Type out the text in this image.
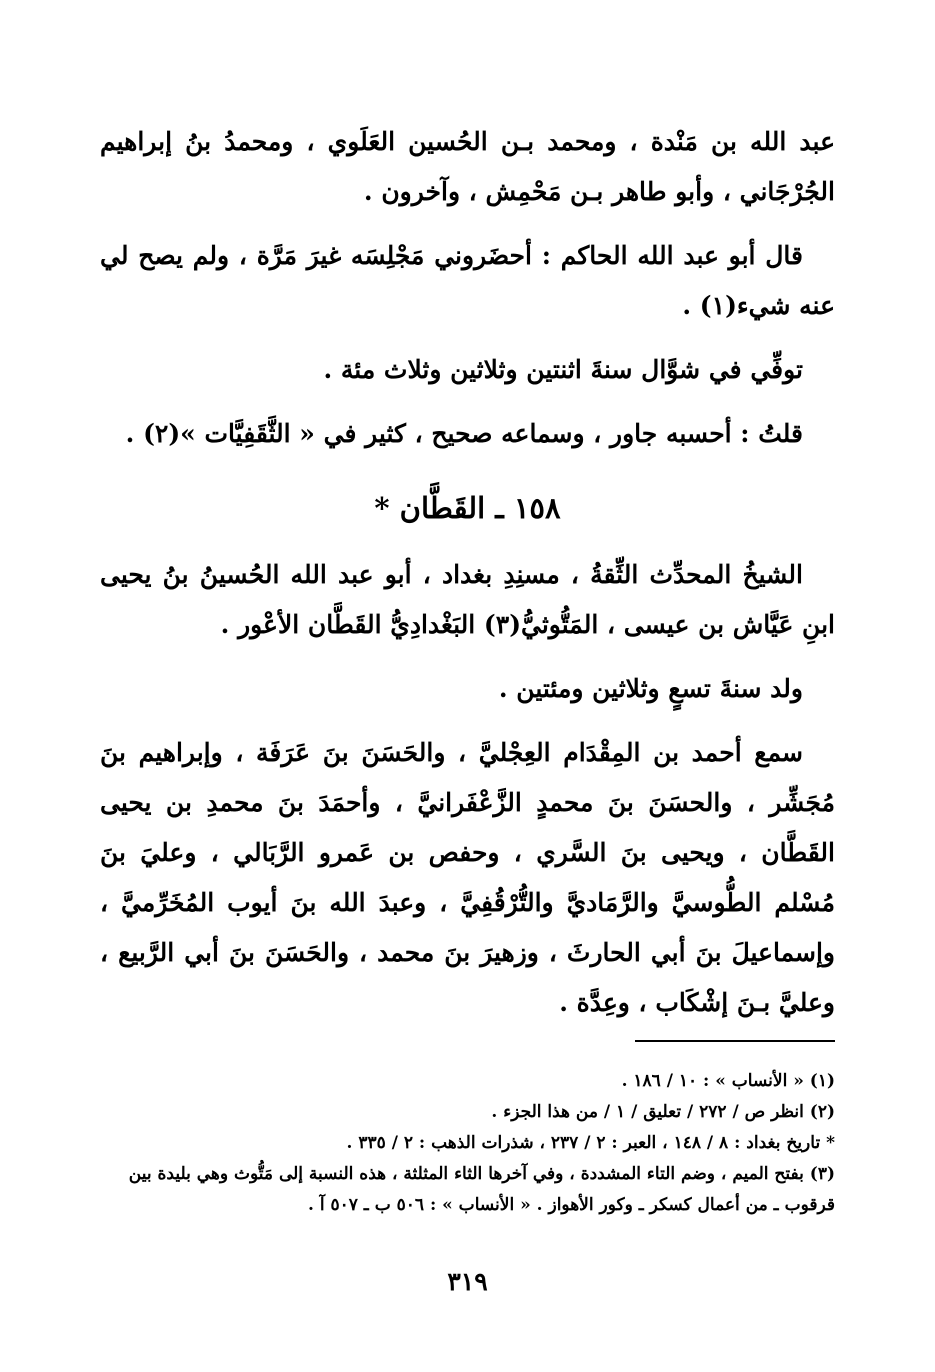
عبد الله بن مَنْدة ، ومحمد بـن الحُسين العَلَوي ، ومحمدُ بنُ إبراهيم الجُرْجَاني ، وأبو طاهر بـن مَحْمِش ، وآخرون .

قال أبو عبد الله الحاكم : أحضَروني مَجْلِسَه غيرَ مَرَّة ، ولم يصح لي عنه شيء(١) .

توفِّي في شوَّال سنةَ اثنتين وثلاثين وثلاث مئة .

قلتُ : أحسبه جاور ، وسماعه صحيح ، كثير في « الثَّقَفِيَّات »(٢) .

١٥٨ ـ القَطَّان *

الشيخُ المحدِّث الثِّقةُ ، مسنِدِ بغداد ، أبو عبد الله الحُسينُ بنُ يحيى ابنِ عَيَّاش بن عيسى ، المَتُّوثيُّ(٣) البَغْدادِيُّ القَطَّان الأعْور .

ولد سنةَ تسعٍ وثلاثين ومئتين .

سمع أحمد بن المِقْدَام العِجْليَّ ، والحَسَنَ بنَ عَرَفَة ، وإبراهيم بنَ مُجَشِّر ، والحسَنَ بنَ محمدٍ الزَّعْفَرانيَّ ، وأحمَدَ بنَ محمدِ بن يحيى القَطَّان ، ويحيى بنَ السَّري ، وحفص بن عَمرو الرَّبَالي ، وعليَ بنَ مُسْلم الطُّوسيَّ والرَّمَاديَّ والتُّرْقُفِيَّ ، وعبدَ الله بنَ أيوب المُخَرِّميَّ ، وإسماعيلَ بنَ أبي الحارثَ ، وزهيرَ بنَ محمد ، والحَسَنَ بنَ أبي الرَّبيع ، وعليَّ بـنَ إشْكَاب ، وعِدَّة .

(١) « الأنساب » : ١٠ / ١٨٦ .

(٢) انظر ص / ٢٧٢ / تعليق / ١ / من هذا الجزء .

* تاريخ بغداد : ٨ / ١٤٨ ، العبر : ٢ / ٢٣٧ ، شذرات الذهب : ٢ / ٣٣٥ .

(٣) بفتح الميم ، وضم التاء المشددة ، وفي آخرها الثاء المثلثة ، هذه النسبة إلى مَتُّوث وهي بليدة بين قرقوب ـ من أعمال كسكر ـ وكور الأهواز . « الأنساب » : ٥٠٦ ب ـ ٥٠٧ آ .

٣١٩
